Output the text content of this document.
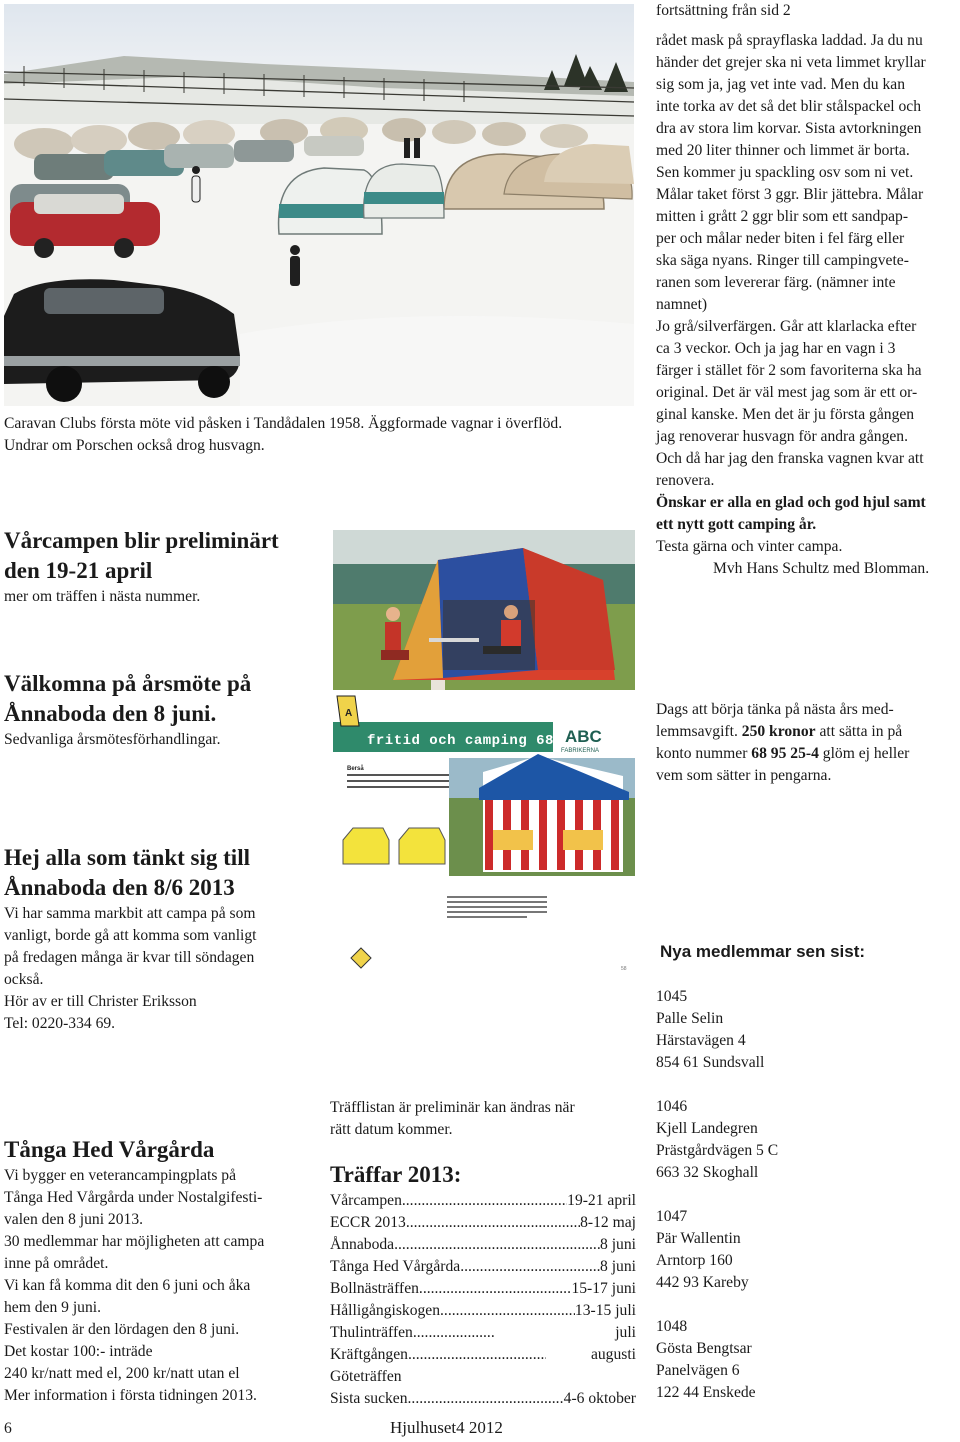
Caravan Clubs första möte vid påsken i Tandådalen 1958. Äggformade vagnar i överflöd.
Undrar om Porschen också drog husvagn.
fortsättning från sid 2
rådet mask på sprayflaska laddad. Ja du nu
händer det grejer ska ni veta limmet kryllar
sig som ja, jag vet inte vad. Men du kan
inte torka av det så det blir stålspackel och
dra av stora lim korvar. Sista avtorkningen
med 20 liter thinner och limmet är borta.
Sen kommer ju spackling osv som ni vet.
Målar taket först 3 ggr. Blir jättebra. Målar
mitten i grått 2 ggr blir som ett sandpap-
per och målar neder biten i fel färg eller
ska säga nyans. Ringer till campingvete-
ranen som levererar färg. (nämner inte
namnet)
Jo grå/silverfärgen. Går att klarlacka efter
ca 3 veckor. Och ja jag har en vagn i 3
färger i stället för 2 som favoriterna ska ha
original. Det är väl mest jag som är ett or-
ginal kanske. Men det är ju första gången
jag renoverar husvagn för andra gången.
Och då har jag den franska vagnen kvar att
renovera.
Önskar er alla en glad och god hjul samt
ett nytt gott camping år.
Testa gärna och vinter campa.
Mvh Hans Schultz med Blomman.
Vårcampen blir preliminärt
den 19-21 april
mer om träffen i nästa nummer.
Välkomna på årsmöte på
Ånnaboda den 8 juni.
Sedvanliga årsmötesförhandlingar.
Dags att börja tänka på nästa års med-
lemmsavgift. 250 kronor att sätta in på
konto nummer 68 95 25-4 glöm ej heller
vem som sätter in pengarna.
A
fritid och camping 68 ABC
FABRIKERNA
Berså
58
Hej alla som tänkt sig till
Ånnaboda den 8/6 2013
Vi har samma markbit att campa på som
vanligt, borde gå att komma som vanligt
på fredagen många är kvar till söndagen
också.
Hör av er till Christer Eriksson
Tel: 0220-334 69.
Nya medlemmar sen sist:
1045
Palle Selin
Härstavägen 4
854 61 Sundsvall
1046
Kjell Landegren
Prästgårdvägen 5 C
663 32 Skoghall
1047
Pär Wallentin
Arntorp 160
442 93 Kareby
1048
Gösta Bengtsar
Panelvägen 6
122 44 Enskede
Träfflistan är preliminär kan ändras när
rätt datum kommer.
Träffar 2013:
Vårcampen .....	19-21 april
ECCR 2013 .....	8-12 maj
Ånnaboda .....	8 juni
Tånga Hed Vårgårda .....	8 juni
Bollnästräffen .....	15-17 juni
Hålligångiskogen .....	13-15 juli
Thulinträffen .....	juli
Kräftgången .....	augusti
Göteträffen
Sista sucken .....	4-6 oktober
Tånga Hed Vårgårda
Vi bygger en veterancampingplats på
Tånga Hed Vårgårda under Nostalgifesti-
valen den 8 juni 2013.
30 medlemmar har möjligheten att campa
inne på området.
Vi kan få komma dit den 6 juni och åka
hem den 9 juni.
Festivalen är den lördagen den 8 juni.
Det kostar 100:- inträde
240 kr/natt med el, 200 kr/natt utan el
Mer information i första tidningen 2013.
6	Hjulhuset4 2012
